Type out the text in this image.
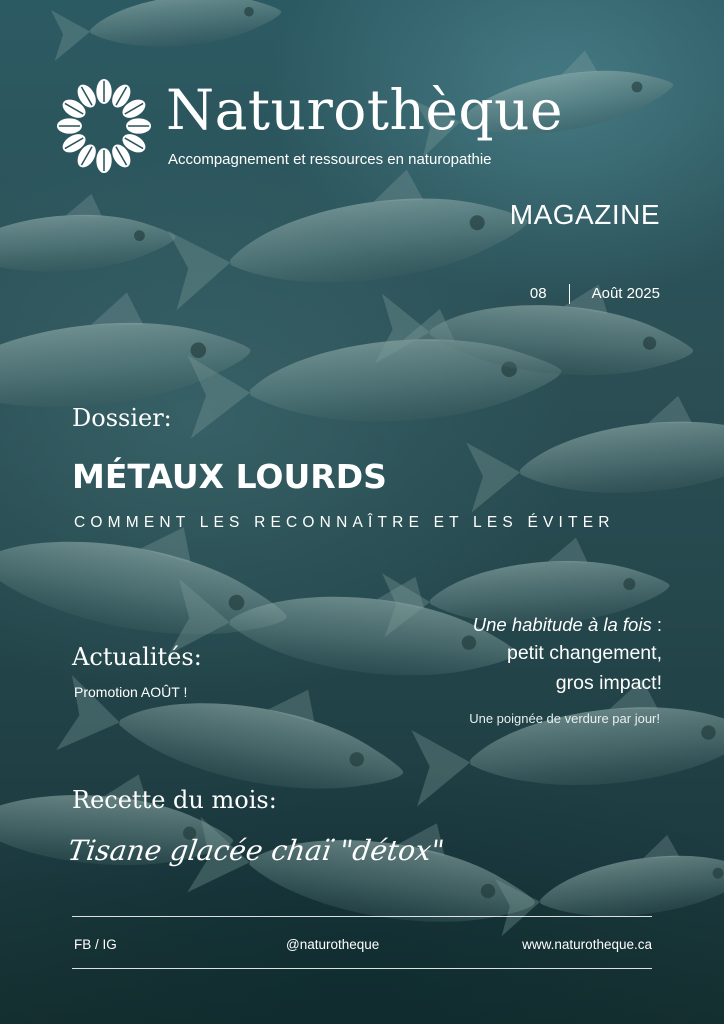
Naturothèque
Accompagnement et ressources en naturopathie
MAGAZINE
08	Août 2025
Dossier:
MÉTAUX LOURDS
COMMENT LES RECONNAÎTRE ET LES ÉVITER
Actualités:
Promotion AOÛT !
Une habitude à la fois :
petit changement,
gros impact!
Une poignée de verdure par jour!
Recette du mois:
Tisane glacée chaï "détox"
FB / IG	@naturotheque	www.naturotheque.ca
